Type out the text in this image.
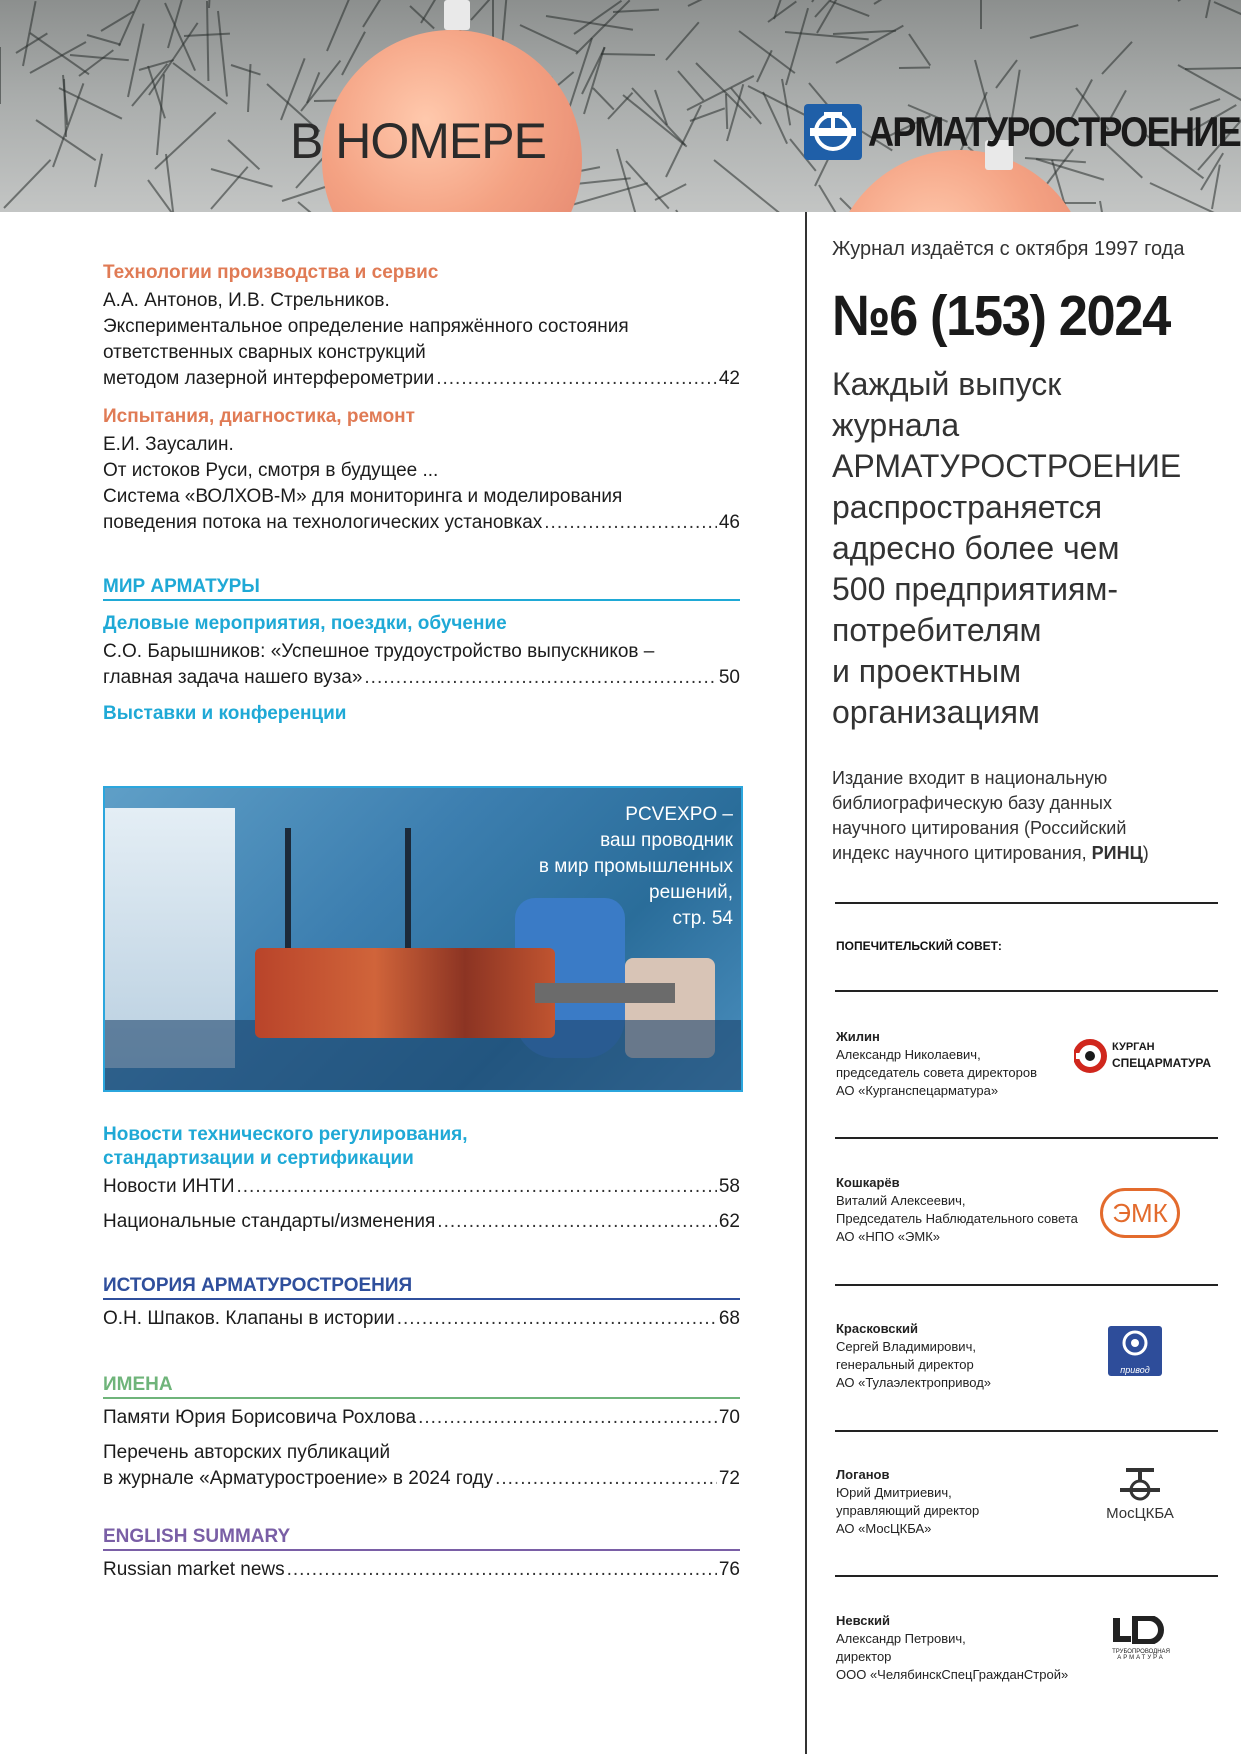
В НОМЕРЕ	АРМАТУРОСТРОЕНИЕ
Технологии производства и сервис
А.А. Антонов, И.В. Стрельников.
Экспериментальное определение напряжённого состояния
ответственных сварных конструкций
методом лазерной интерферометрии .....	42
Испытания, диагностика, ремонт
Е.И. Заусалин.
От истоков Руси, смотря в будущее ...
Система «ВОЛХОВ-М» для мониторинга и моделирования
поведения потока на технологических установках .....	46
МИР АРМАТУРЫ
Деловые мероприятия, поездки, обучение
С.О. Барышников: «Успешное трудоустройство выпускников –
главная задача нашего вуза» .....	50
Выставки и конференции
PCVEXPO –
ваш проводник
в мир промышленных
решений,
стр. 54
Новости технического регулирования,
стандартизации и сертификации
Новости ИНТИ .....	58
Национальные стандарты/изменения .....	62
ИСТОРИЯ АРМАТУРОСТРОЕНИЯ
О.Н. Шпаков. Клапаны в истории .....	68
ИМЕНА
Памяти Юрия Борисовича Рохлова .....	70
Перечень авторских публикаций
в журнале «Арматуростроение» в 2024 году .....	72
ENGLISH SUMMARY
Russian market news .....	76
Журнал издаётся с октября 1997 года
№6 (153) 2024
Каждый выпуск
журнала
АРМАТУРОСТРОЕНИЕ
распространяется
адресно более чем
500 предприятиям-
потребителям
и проектным
организациям
Издание входит в национальную
библиографическую базу данных
научного цитирования (Российский
индекс научного цитирования, РИНЦ)
ПОПЕЧИТЕЛЬСКИЙ СОВЕТ:
Жилин
Александр Николаевич,
председатель совета директоров
АО «Курганспецарматура»
КУРГАН
СПЕЦАРМАТУРА
Кошкарёв
Виталий Алексеевич,
Председатель Наблюдательного совета
АО «НПО «ЭМК»
ЭМК
Красковский
Сергей Владимирович,
генеральный директор
АО «Тулаэлектропривод»
привод
Логанов
Юрий Дмитриевич,
управляющий директор
АО «МосЦКБА»
МосЦКБА
Невский
Александр Петрович,
директор
ООО «ЧелябинскСпецГражданСтрой»
ТРУБОПРОВОДНАЯ
АРМАТУРА
